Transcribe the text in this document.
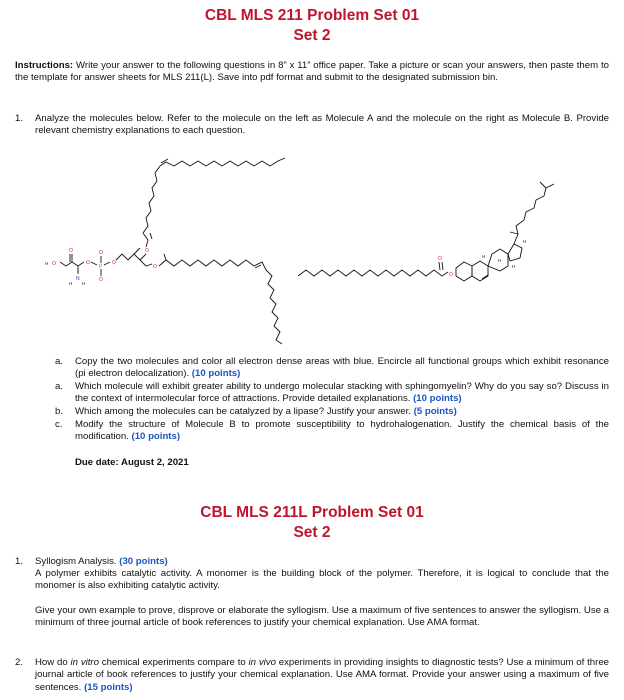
CBL MLS 211 Problem Set 01
Set 2
Instructions: Write your answer to the following questions in 8” x 11” office paper. Take a picture or scan your answers, then paste them to the template for answer sheets for MLS 211(L). Save into pdf format and submit to the designated submission bin.
1. Analyze the molecules below. Refer to the molecule on the left as Molecule A and the molecule on the right as Molecule B. Provide relevant chemistry explanations to each question.
O
O
P
O
O
O
O
O
H
N
H H
O
O
O
H
H
H
H
a. Copy the two molecules and color all electron dense areas with blue. Encircle all functional groups which exhibit resonance (pi electron delocalization). (10 points)
a. Which molecule will exhibit greater ability to undergo molecular stacking with sphingomyelin? Why do you say so? Discuss in the context of intermolecular force of attractions. Provide detailed explanations. (10 points)
b. Which among the molecules can be catalyzed by a lipase? Justify your answer. (5 points)
c. Modify the structure of Molecule B to promote susceptibility to hydrohalogenation. Justify the chemical basis of the modification. (10 points)
Due date: August 2, 2021
CBL MLS 211L Problem Set 01
Set 2
1. Syllogism Analysis. (30 points)
A polymer exhibits catalytic activity. A monomer is the building block of the polymer. Therefore, it is logical to conclude that the monomer is also exhibiting catalytic activity.
Give your own example to prove, disprove or elaborate the syllogism. Use a maximum of five sentences to answer the syllogism. Use a minimum of three journal article of book references to justify your chemical explanation. Use AMA format.
2. How do in vitro chemical experiments compare to in vivo experiments in providing insights to diagnostic tests? Use a minimum of three journal article of book references to justify your chemical explanation. Use AMA format. Provide your answer using a maximum of five sentences. (15 points)
